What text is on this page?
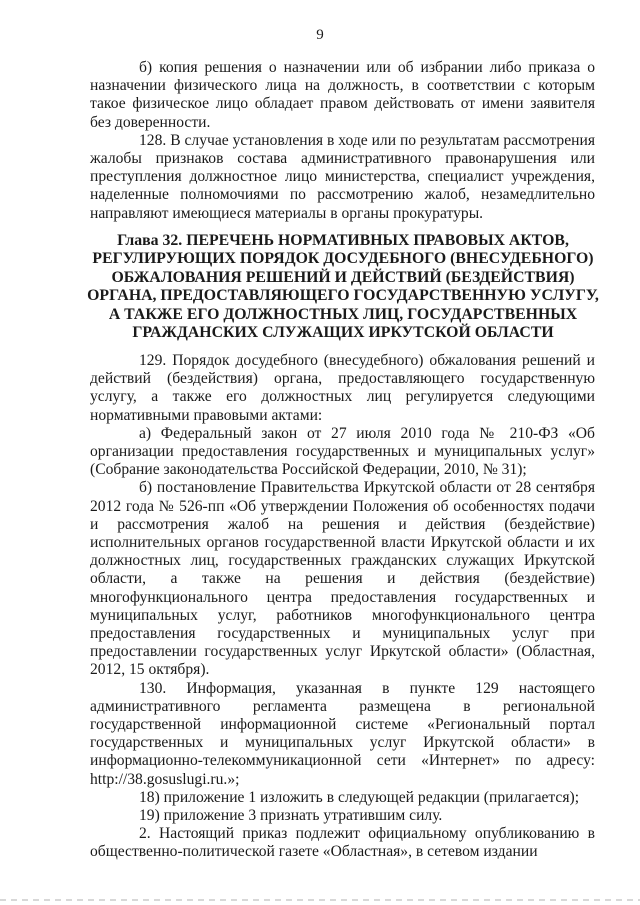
9

б) копия решения о назначении или об избрании либо приказа о назначении физического лица на должность, в соответствии с которым такое физическое лицо обладает правом действовать от имени заявителя без доверенности.

128. В случае установления в ходе или по результатам рассмотрения жалобы признаков состава административного правонарушения или преступления должностное лицо министерства, специалист учреждения, наделенные полномочиями по рассмотрению жалоб, незамедлительно направляют имеющиеся материалы в органы прокуратуры.

Глава 32. ПЕРЕЧЕНЬ НОРМАТИВНЫХ ПРАВОВЫХ АКТОВ, РЕГУЛИРУЮЩИХ ПОРЯДОК ДОСУДЕБНОГО (ВНЕСУДЕБНОГО) ОБЖАЛОВАНИЯ РЕШЕНИЙ И ДЕЙСТВИЙ (БЕЗДЕЙСТВИЯ) ОРГАНА, ПРЕДОСТАВЛЯЮЩЕГО ГОСУДАРСТВЕННУЮ УСЛУГУ, А ТАКЖЕ ЕГО ДОЛЖНОСТНЫХ ЛИЦ, ГОСУДАРСТВЕННЫХ ГРАЖДАНСКИХ СЛУЖАЩИХ ИРКУТСКОЙ ОБЛАСТИ

129. Порядок досудебного (внесудебного) обжалования решений и действий (бездействия) органа, предоставляющего государственную услугу, а также его должностных лиц регулируется следующими нормативными правовыми актами:

а) Федеральный закон от 27 июля 2010 года № 210-ФЗ «Об организации предоставления государственных и муниципальных услуг» (Собрание законодательства Российской Федерации, 2010, № 31);

б) постановление Правительства Иркутской области от 28 сентября 2012 года № 526-пп «Об утверждении Положения об особенностях подачи и рассмотрения жалоб на решения и действия (бездействие) исполнительных органов государственной власти Иркутской области и их должностных лиц, государственных гражданских служащих Иркутской области, а также на решения и действия (бездействие) многофункционального центра предоставления государственных и муниципальных услуг, работников многофункционального центра предоставления государственных и муниципальных услуг при предоставлении государственных услуг Иркутской области» (Областная, 2012, 15 октября).

130. Информация, указанная в пункте 129 настоящего административного регламента размещена в региональной государственной информационной системе «Региональный портал государственных и муниципальных услуг Иркутской области» в информационно-телекоммуникационной сети «Интернет» по адресу: http://38.gosuslugi.ru.»;

18) приложение 1 изложить в следующей редакции (прилагается);

19) приложение 3 признать утратившим силу.

2. Настоящий приказ подлежит официальному опубликованию в общественно-политической газете «Областная», в сетевом издании
